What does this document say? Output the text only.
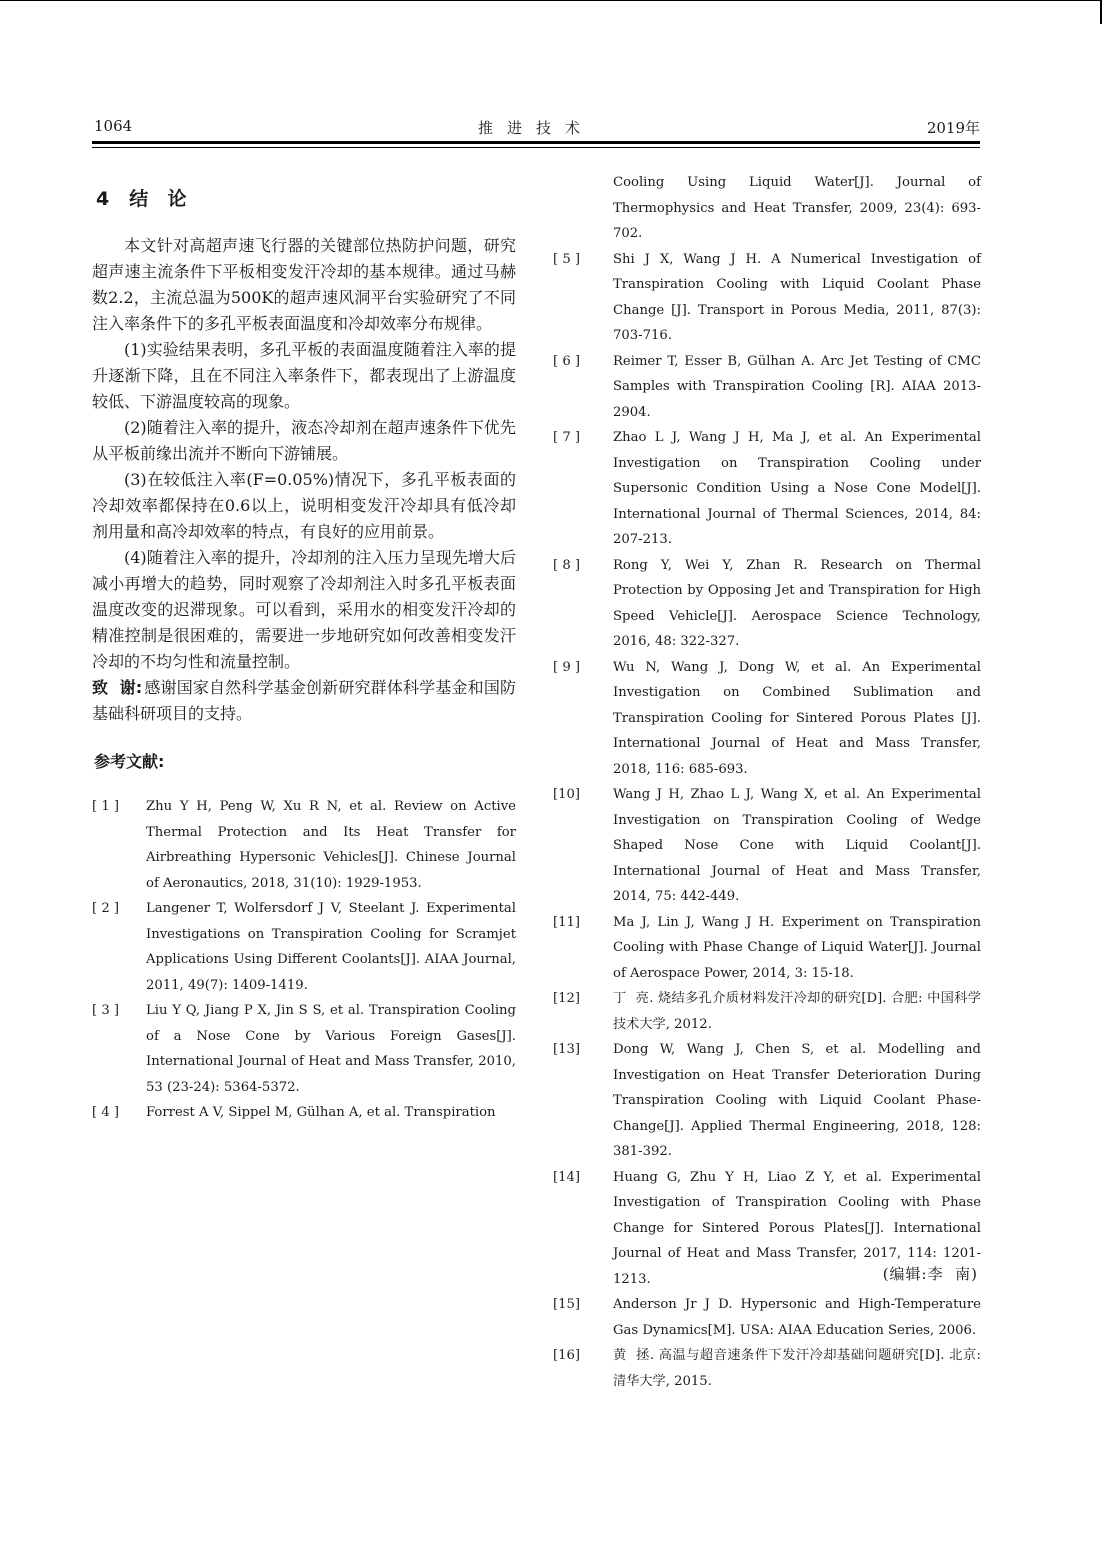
1064	推进技术	2019年
4 结  论

本文针对高超声速飞行器的关键部位热防护问题，研究超声速主流条件下平板相变发汗冷却的基本规律。通过马赫数2.2，主流总温为500K的超声速风洞平台实验研究了不同注入率条件下的多孔平板表面温度和冷却效率分布规律。

(1)实验结果表明，多孔平板的表面温度随着注入率的提升逐渐下降，且在不同注入率条件下，都表现出了上游温度较低、下游温度较高的现象。

(2)随着注入率的提升，液态冷却剂在超声速条件下优先从平板前缘出流并不断向下游铺展。

(3)在较低注入率(F=0.05%)情况下，多孔平板表面的冷却效率都保持在0.6以上，说明相变发汗冷却具有低冷却剂用量和高冷却效率的特点，有良好的应用前景。

(4)随着注入率的提升，冷却剂的注入压力呈现先增大后减小再增大的趋势，同时观察了冷却剂注入时多孔平板表面温度改变的迟滞现象。可以看到，采用水的相变发汗冷却的精准控制是很困难的，需要进一步地研究如何改善相变发汗冷却的不均匀性和流量控制。

致  谢: 感谢国家自然科学基金创新研究群体科学基金和国防基础科研项目的支持。

参考文献:
[ 1 ]	Zhu Y H, Peng W, Xu R N, et al. Review on Active Thermal Protection and Its Heat Transfer for Airbreathing Hypersonic Vehicles[J]. Chinese Journal of Aeronautics, 2018, 31(10): 1929-1953.
[ 2 ]	Langener T, Wolfersdorf J V, Steelant J. Experimental Investigations on Transpiration Cooling for Scramjet Applications Using Different Coolants[J]. AIAA Journal, 2011, 49(7): 1409-1419.
[ 3 ]	Liu Y Q, Jiang P X, Jin S S, et al. Transpiration Cooling of a Nose Cone by Various Foreign Gases[J]. International Journal of Heat and Mass Transfer, 2010, 53 (23-24): 5364-5372.
[ 4 ]	Forrest A V, Sippel M, Gülhan A, et al. Transpiration

Cooling Using Liquid Water[J]. Journal of Thermophysics and Heat Transfer, 2009, 23(4): 693-702.

[ 5 ]	Shi J X, Wang J H. A Numerical Investigation of Transpiration Cooling with Liquid Coolant Phase Change [J]. Transport in Porous Media, 2011, 87(3): 703-716.
[ 6 ]	Reimer T, Esser B, Gülhan A. Arc Jet Testing of CMC Samples with Transpiration Cooling [R]. AIAA 2013-2904.
[ 7 ]	Zhao L J, Wang J H, Ma J, et al. An Experimental Investigation on Transpiration Cooling under Supersonic Condition Using a Nose Cone Model[J]. International Journal of Thermal Sciences, 2014, 84: 207-213.
[ 8 ]	Rong Y, Wei Y, Zhan R. Research on Thermal Protection by Opposing Jet and Transpiration for High Speed Vehicle[J]. Aerospace Science Technology, 2016, 48: 322-327.
[ 9 ]	Wu N, Wang J, Dong W, et al. An Experimental Investigation on Combined Sublimation and Transpiration Cooling for Sintered Porous Plates [J]. International Journal of Heat and Mass Transfer, 2018, 116: 685-693.
[10]	Wang J H, Zhao L J, Wang X, et al. An Experimental Investigation on Transpiration Cooling of Wedge Shaped Nose Cone with Liquid Coolant[J]. International Journal of Heat and Mass Transfer, 2014, 75: 442-449.
[11]	Ma J, Lin J, Wang J H. Experiment on Transpiration Cooling with Phase Change of Liquid Water[J]. Journal of Aerospace Power, 2014, 3: 15-18.
[12]	丁  亮. 烧结多孔介质材料发汗冷却的研究[D]. 合肥: 中国科学技术大学, 2012.
[13]	Dong W, Wang J, Chen S, et al. Modelling and Investigation on Heat Transfer Deterioration During Transpiration Cooling with Liquid Coolant Phase-Change[J]. Applied Thermal Engineering, 2018, 128: 381-392.
[14]	Huang G, Zhu Y H, Liao Z Y, et al. Experimental Investigation of Transpiration Cooling with Phase Change for Sintered Porous Plates[J]. International Journal of Heat and Mass Transfer, 2017, 114: 1201-1213.
[15]	Anderson Jr J D. Hypersonic and High-Temperature Gas Dynamics[M]. USA: AIAA Education Series, 2006.
[16]	黄  拯. 高温与超音速条件下发汗冷却基础问题研究[D]. 北京: 清华大学, 2015.
(编辑:李  南)
